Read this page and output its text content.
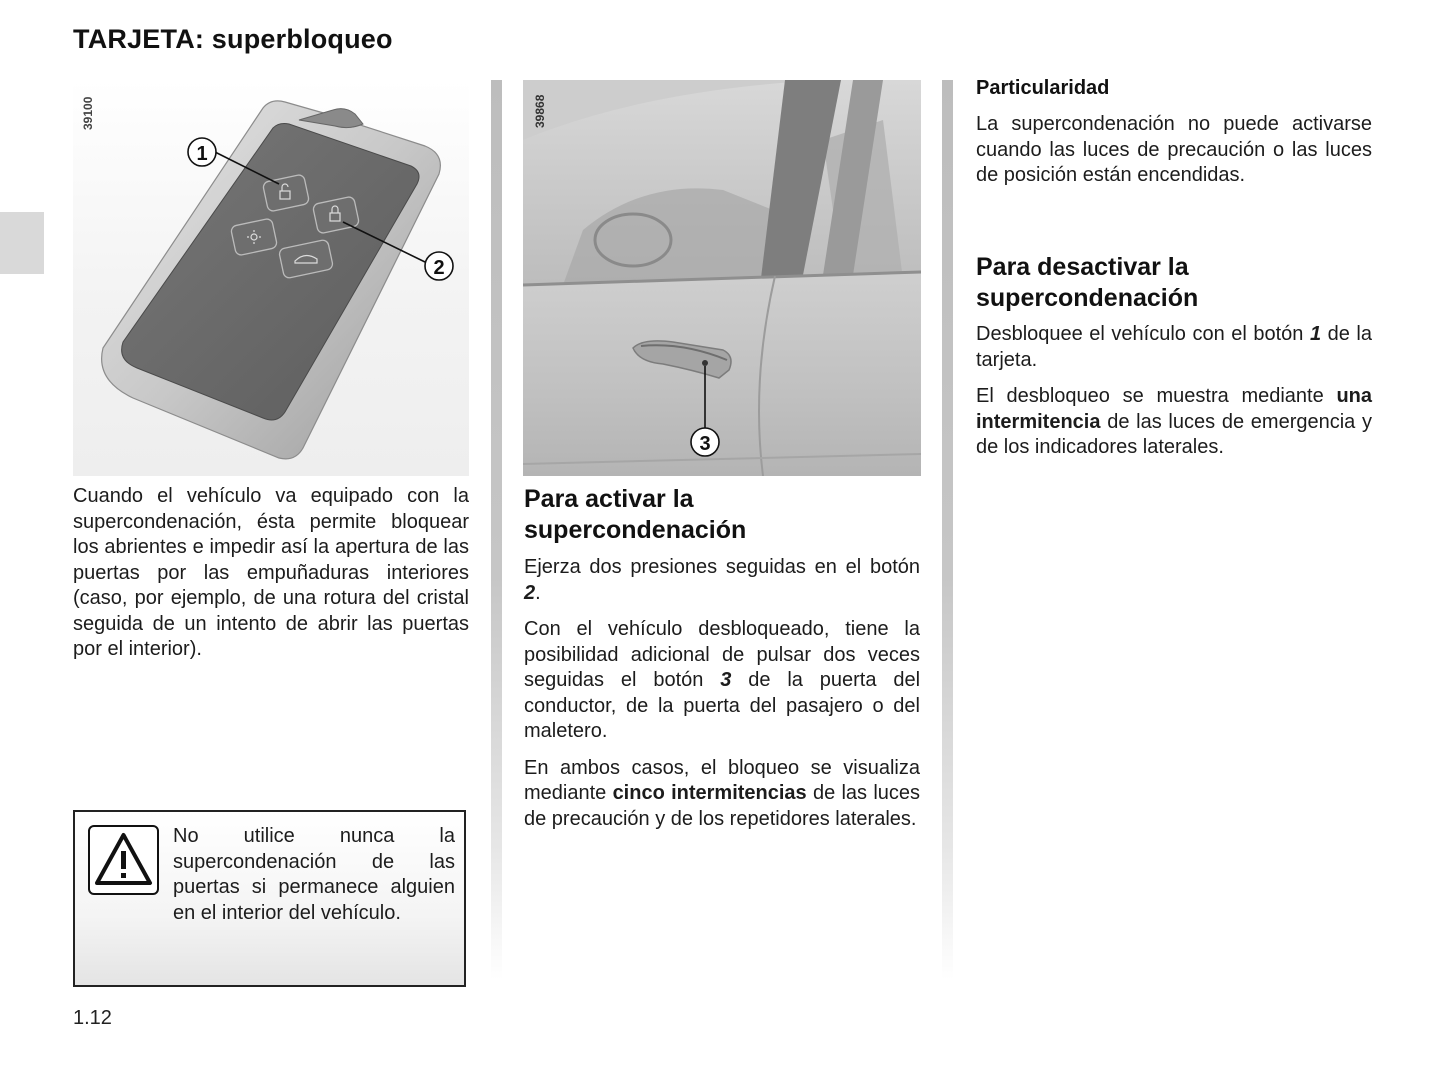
TARJETA: superbloqueo
1
2
39100
3
39868
Cuando el vehículo va equipado con la supercondenación, ésta permite bloquear los abrientes e impedir así la apertura de las puertas por las empuñaduras interiores (caso, por ejemplo, de una rotura del cristal seguida de un intento de abrir las puertas por el interior).
No utilice nunca la supercondenación de las puertas si permanece alguien en el interior del vehículo.
1.12
Para activar la supercondenación

Ejerza dos presiones seguidas en el botón 2.

Con el vehículo desbloqueado, tiene la posibilidad adicional de pulsar dos veces seguidas el botón 3 de la puerta del conductor, de la puerta del pasajero o del maletero.

En ambos casos, el bloqueo se visualiza mediante cinco intermitencias de las luces de precaución y de los repetidores laterales.

Particularidad
La supercondenación no puede activarse cuando las luces de precaución o las luces de posición están encendidas.
Para desactivar la supercondenación

Desbloquee el vehículo con el botón 1 de la tarjeta.

El desbloqueo se muestra mediante una intermitencia de las luces de emergencia y de los indicadores laterales.
